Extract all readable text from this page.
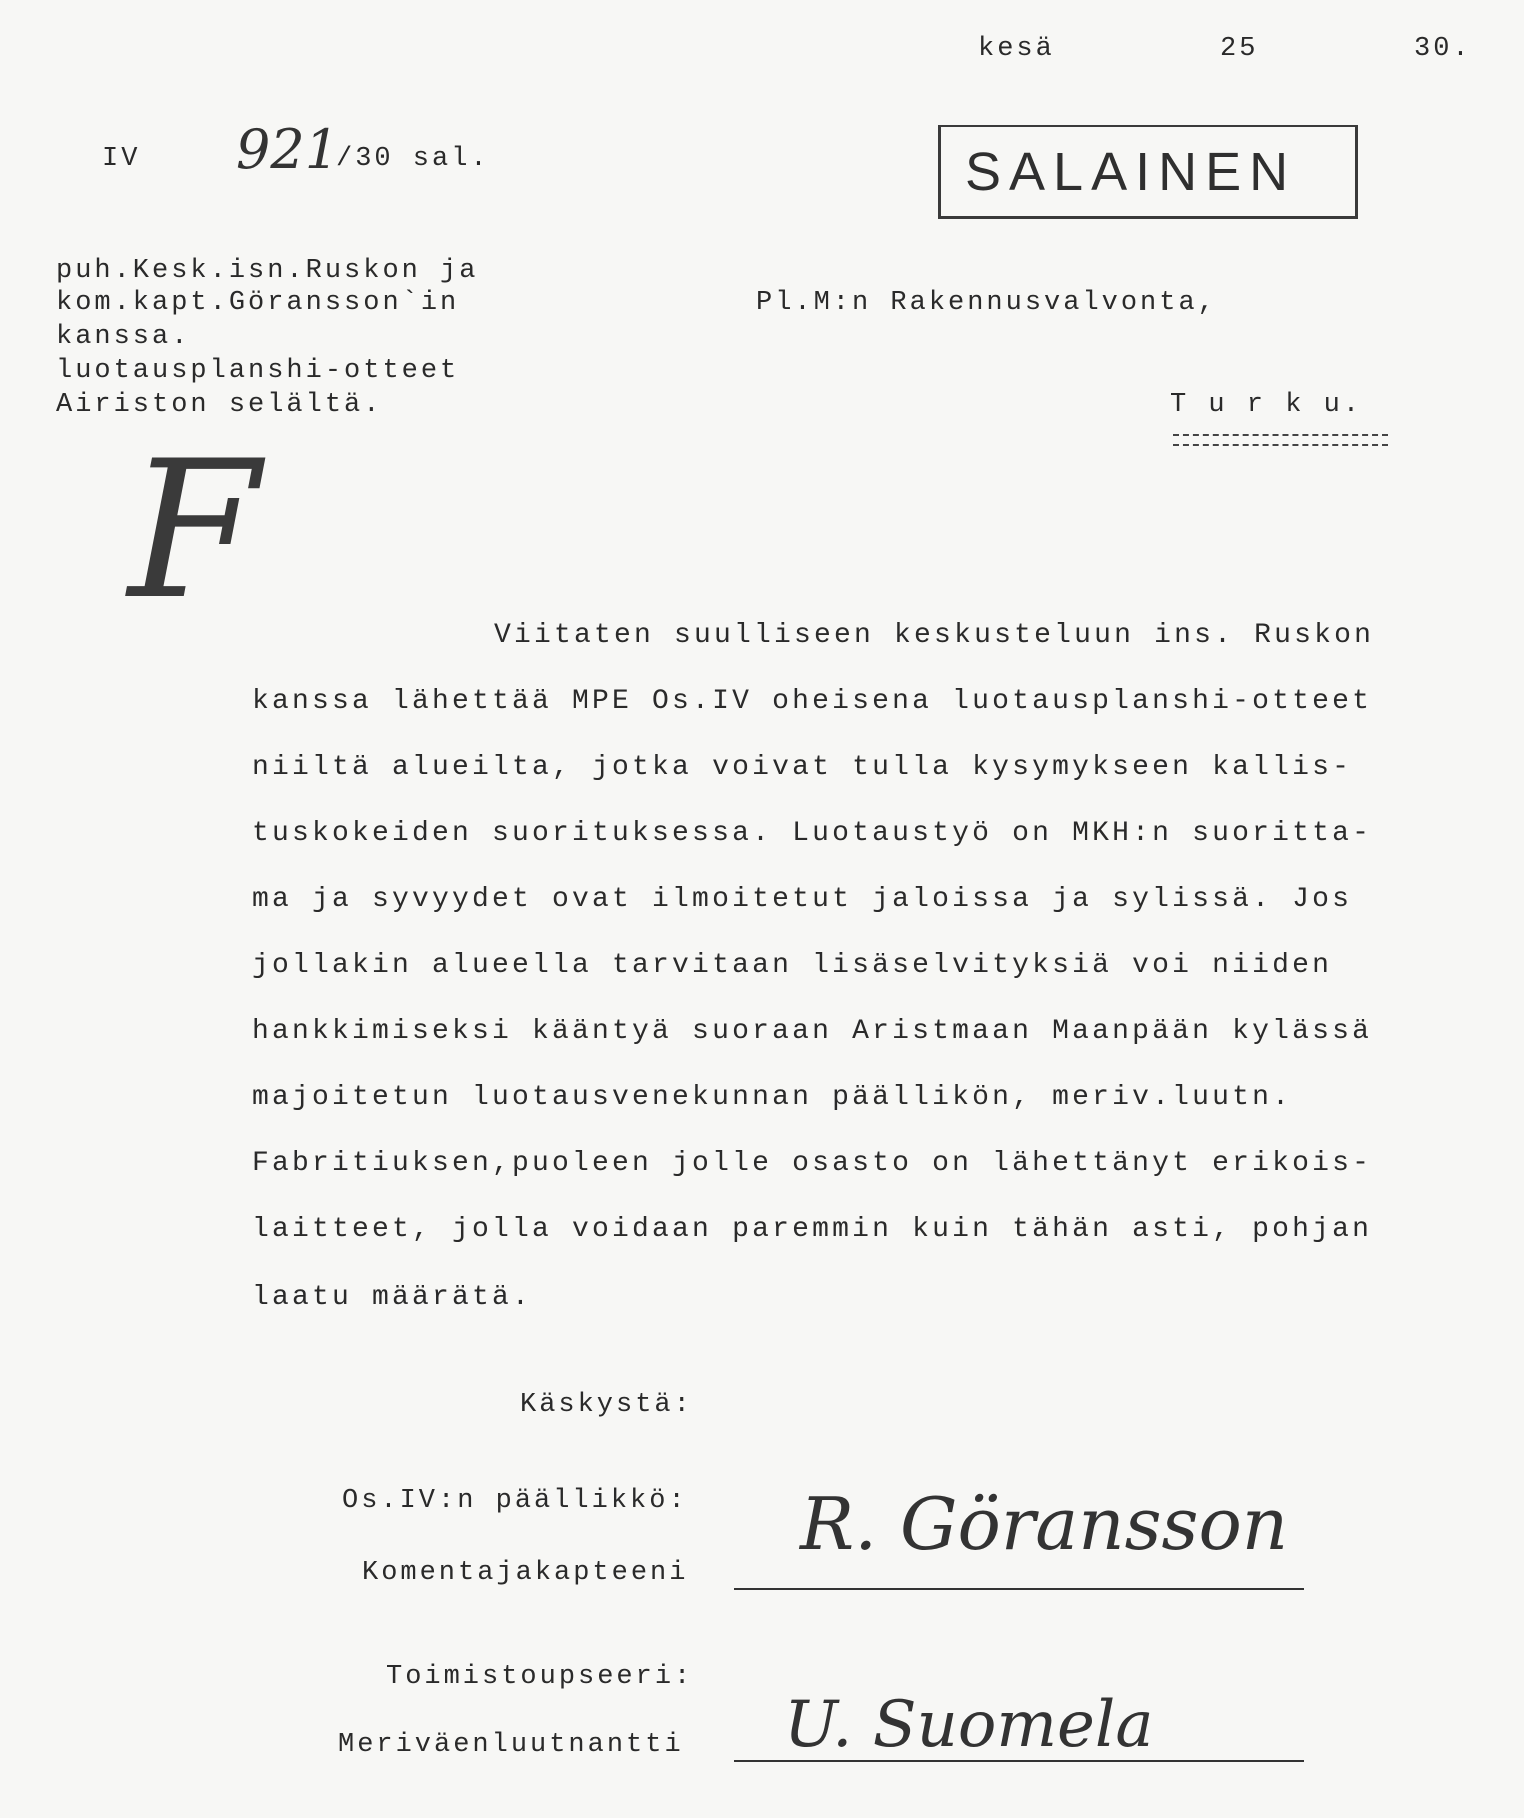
kesä	25	30.
IV 921
/30 sal.	SALAINEN
puh.Kesk.isn.Ruskon ja
kom.kapt.Göransson`in
kanssa.
luotausplanshi-otteet
Airiston selältä.
F
Pl.M:n Rakennusvalvonta,
T u r k u.
Viitaten suulliseen keskusteluun ins. Ruskon
kanssa lähettää MPE Os.IV oheisena luotausplanshi-otteet
niiltä alueilta, jotka voivat tulla kysymykseen kallis-
tuskokeiden suorituksessa. Luotaustyö on MKH:n suoritta-
ma ja syvyydet ovat ilmoitetut jaloissa ja sylissä. Jos
jollakin alueella tarvitaan lisäselvityksiä voi niiden
hankkimiseksi kääntyä suoraan Aristmaan Maanpään kylässä
majoitetun luotausvenekunnan päällikön, meriv.luutn.
Fabritiuksen,puoleen jolle osasto on lähettänyt erikois-
laitteet, jolla voidaan paremmin kuin tähän asti, pohjan
laatu määrätä.
Käskystä:
Os.IV:n päällikkö:
Komentajakapteeni
R. Göransson
Toimistoupseeri:
Meriväenluutnantti U. Suomela
